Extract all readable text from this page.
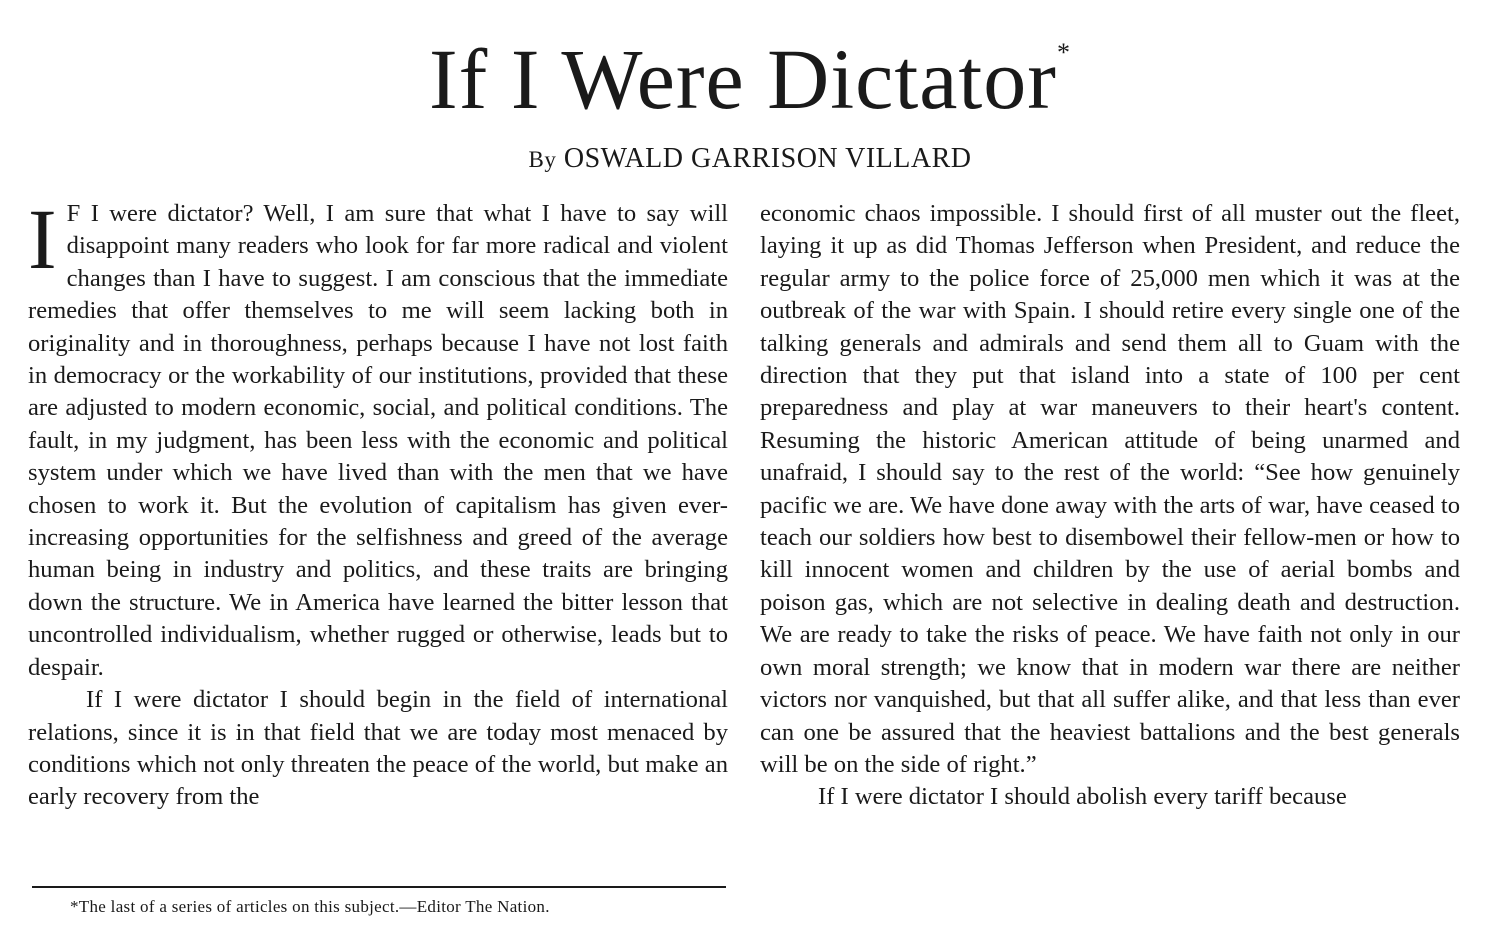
If I Were Dictator*
By OSWALD GARRISON VILLARD

I F I were dictator? Well, I am sure that what I have to say will disappoint many readers who look for far more radical and violent changes than I have to suggest. I am conscious that the immediate remedies that offer themselves to me will seem lacking both in originality and in thoroughness, perhaps because I have not lost faith in democracy or the workability of our institutions, provided that these are adjusted to modern economic, social, and political conditions. The fault, in my judgment, has been less with the economic and political system under which we have lived than with the men that we have chosen to work it. But the evolution of capitalism has given ever-increasing opportunities for the selfishness and greed of the average human being in industry and politics, and these traits are bringing down the structure. We in America have learned the bitter lesson that uncontrolled individualism, whether rugged or otherwise, leads but to despair.

If I were dictator I should begin in the field of international relations, since it is in that field that we are today most menaced by conditions which not only threaten the peace of the world, but make an early recovery from the

economic chaos impossible. I should first of all muster out the fleet, laying it up as did Thomas Jefferson when President, and reduce the regular army to the police force of 25,000 men which it was at the outbreak of the war with Spain. I should retire every single one of the talking generals and admirals and send them all to Guam with the direction that they put that island into a state of 100 per cent preparedness and play at war maneuvers to their heart's content. Resuming the historic American attitude of being unarmed and unafraid, I should say to the rest of the world: “See how genuinely pacific we are. We have done away with the arts of war, have ceased to teach our soldiers how best to disembowel their fellow-men or how to kill innocent women and children by the use of aerial bombs and poison gas, which are not selective in dealing death and destruction. We are ready to take the risks of peace. We have faith not only in our own moral strength; we know that in modern war there are neither victors nor vanquished, but that all suffer alike, and that less than ever can one be assured that the heaviest battalions and the best generals will be on the side of right.”

If I were dictator I should abolish every tariff because

*The last of a series of articles on this subject.—Editor The Nation.
